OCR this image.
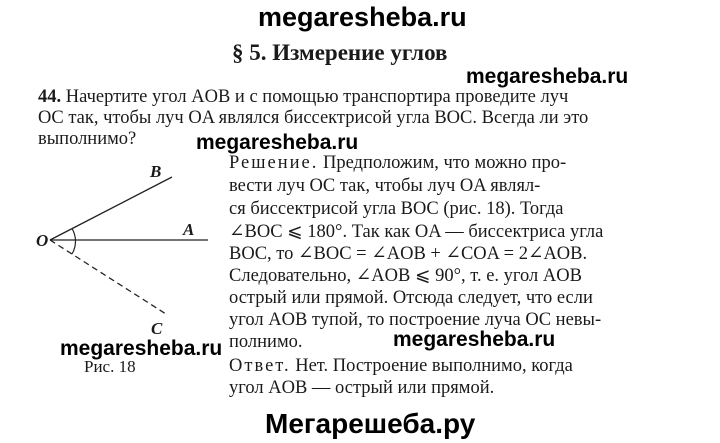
megaresheba.ru
megaresheba.ru
megaresheba.ru
megaresheba.ru
megaresheba.ru
Мегарешеба.ру
§ 5. Измерение углов
44. Начертите угол AOB и с помощью транспортира проведите луч
OC так, чтобы луч OA являлся биссектрисой угла BOC. Всегда ли это
выполнимо?
Решение. Предположим, что можно про-
вести луч OC так, чтобы луч OA являл-
ся биссектрисой угла BOC (рис. 18). Тогда
∠BOC ⩽ 180°. Так как OA — биссектриса угла
BOC, то ∠BOC = ∠AOB + ∠COA = 2∠AOB.
Следовательно, ∠AOB ⩽ 90°, т. е. угол AOB
острый или прямой. Отсюда следует, что если
угол AOB тупой, то построение луча OC невы-
полнимо.
Ответ. Нет. Построение выполнимо, когда
угол AOB — острый или прямой.
O
A
B
C
Рис. 18
